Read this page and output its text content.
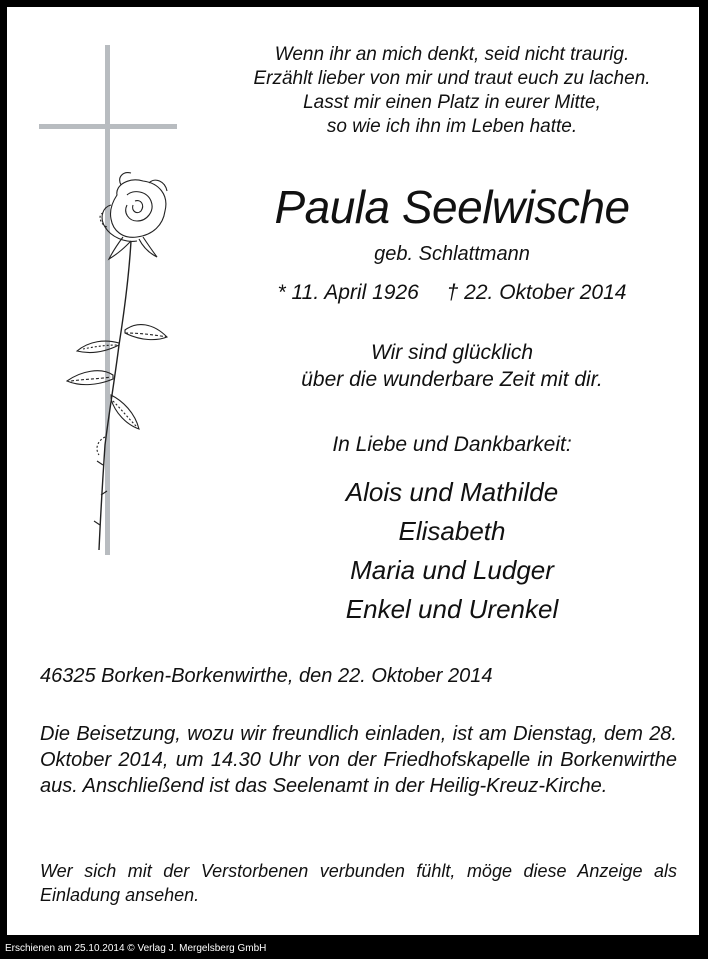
Wenn ihr an mich denkt, seid nicht traurig.
Erzählt lieber von mir und traut euch zu lachen.
Lasst mir einen Platz in eurer Mitte,
so wie ich ihn im Leben hatte.
Paula Seelwische
geb. Schlattmann
* 11. April 1926 † 22. Oktober 2014
Wir sind glücklich
über die wunderbare Zeit mit dir.
In Liebe und Dankbarkeit:
Alois und Mathilde
Elisabeth
Maria und Ludger
Enkel und Urenkel
46325 Borken-Borkenwirthe, den 22. Oktober 2014
Die Beisetzung, wozu wir freundlich einladen, ist am Dienstag, dem 28. Oktober 2014, um 14.30 Uhr von der Friedhofskapelle in Borkenwirthe aus. Anschließend ist das Seelenamt in der Heilig-Kreuz-Kirche.
Wer sich mit der Verstorbenen verbunden fühlt, möge diese Anzeige als Einladung ansehen.
Erschienen am 25.10.2014 © Verlag J. Mergelsberg GmbH
